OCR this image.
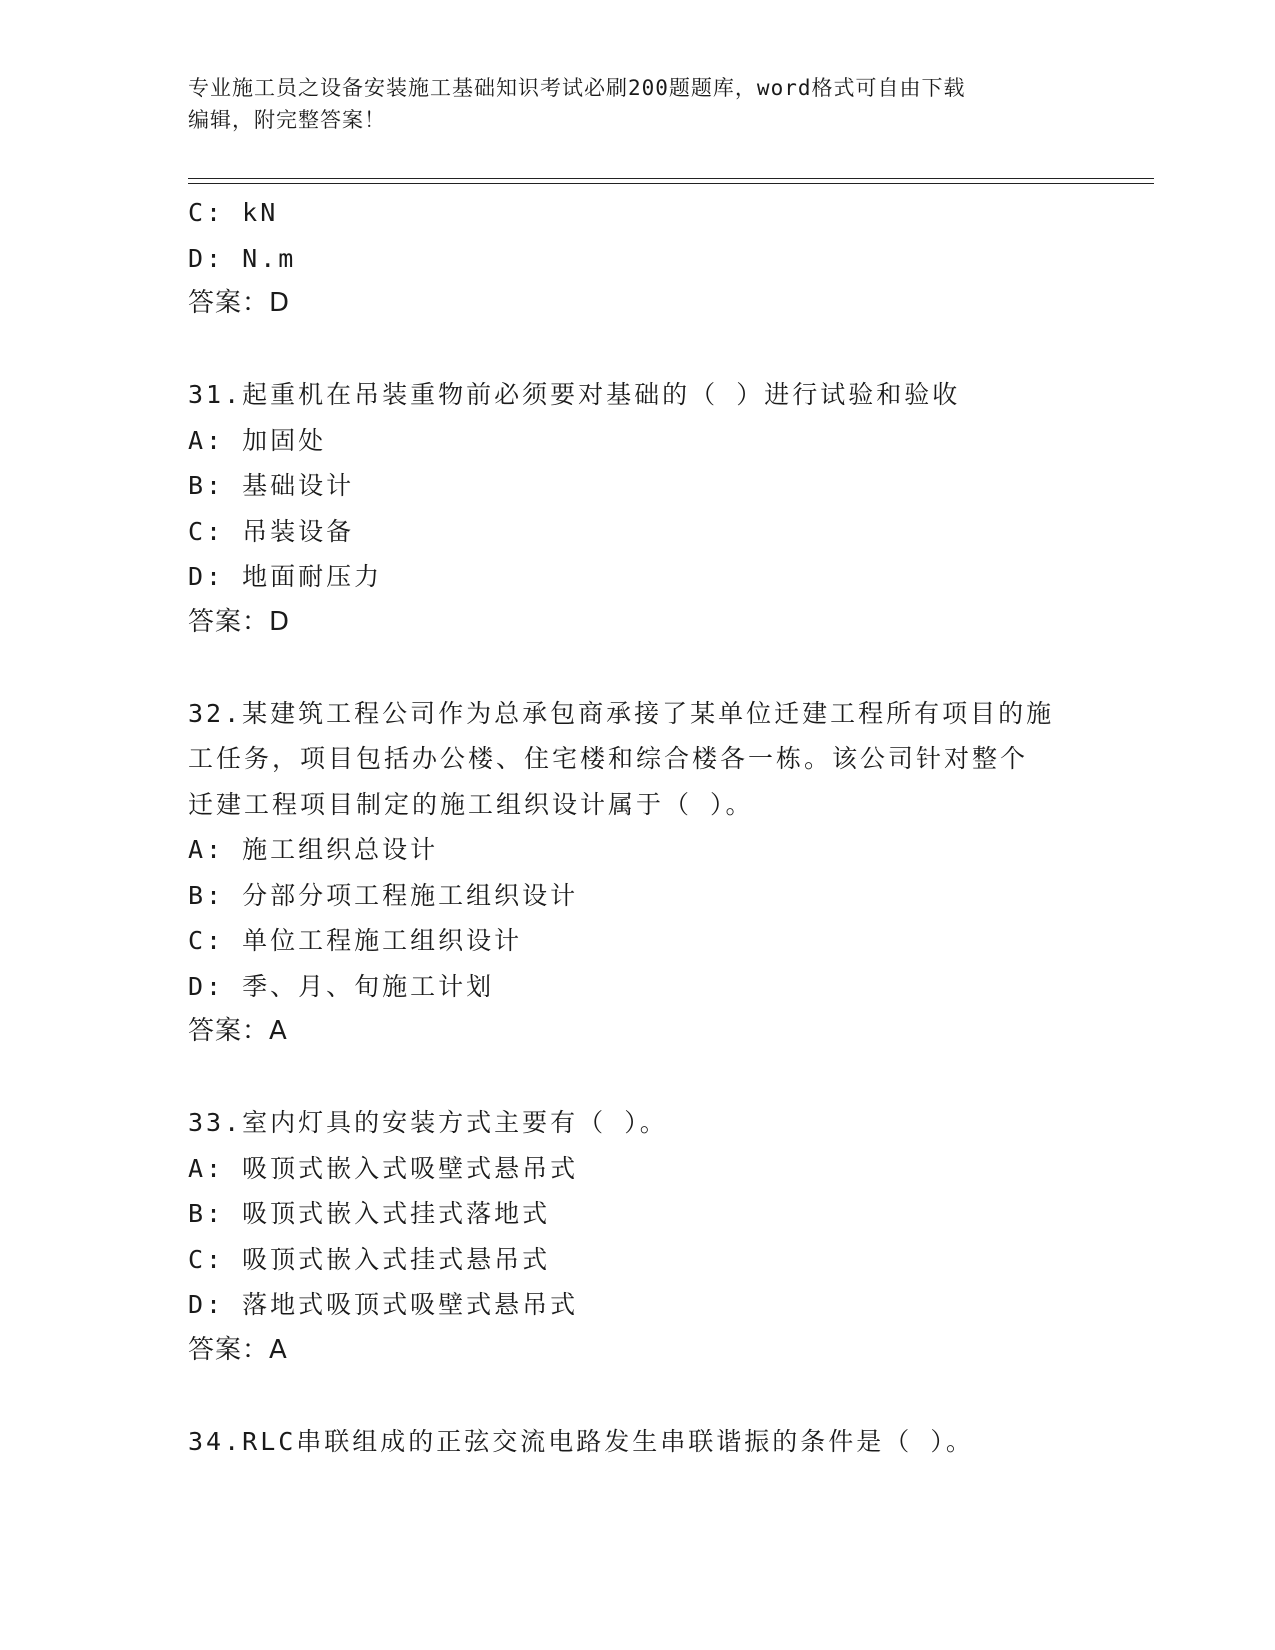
专业施工员之设备安装施工基础知识考试必刷200题题库，word格式可自由下载
编辑，附完整答案！
C: kN
D: N.m
答案：D
31.起重机在吊装重物前必须要对基础的（ ）进行试验和验收
A: 加固处
B: 基础设计
C: 吊装设备
D: 地面耐压力
答案：D
32.某建筑工程公司作为总承包商承接了某单位迁建工程所有项目的施
工任务，项目包括办公楼、住宅楼和综合楼各一栋。该公司针对整个
迁建工程项目制定的施工组织设计属于（ ）。
A: 施工组织总设计
B: 分部分项工程施工组织设计
C: 单位工程施工组织设计
D: 季、月、旬施工计划
答案：A
33.室内灯具的安装方式主要有（ ）。
A: 吸顶式嵌入式吸壁式悬吊式
B: 吸顶式嵌入式挂式落地式
C: 吸顶式嵌入式挂式悬吊式
D: 落地式吸顶式吸壁式悬吊式
答案：A
34.RLC串联组成的正弦交流电路发生串联谐振的条件是（ ）。
